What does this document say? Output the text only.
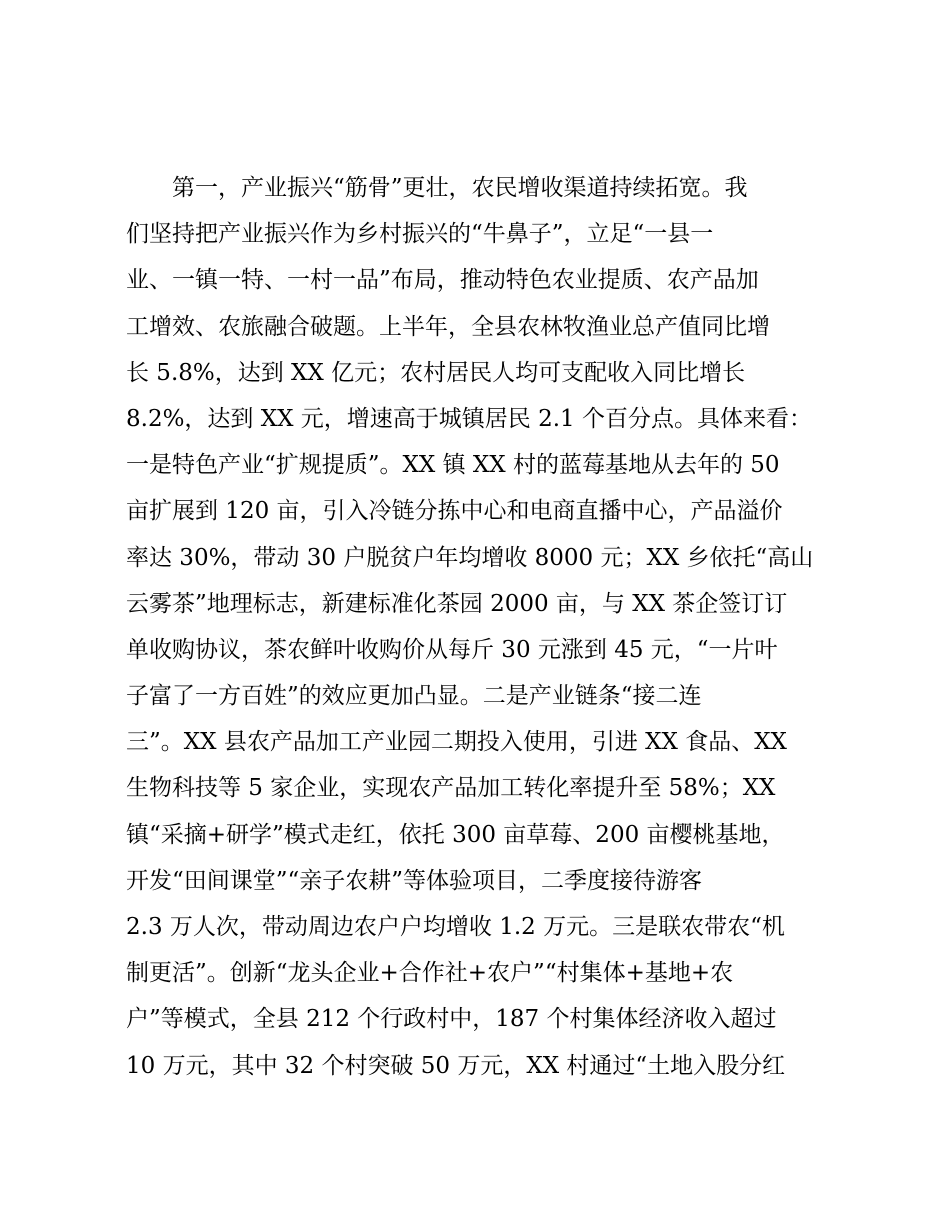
　　第一，产业振兴“筋骨”更壮，农民增收渠道持续拓宽。我
们坚持把产业振兴作为乡村振兴的“牛鼻子”，立足“一县一
业、一镇一特、一村一品”布局，推动特色农业提质、农产品加
工增效、农旅融合破题。上半年，全县农林牧渔业总产值同比增
长 5.8%，达到 XX 亿元；农村居民人均可支配收入同比增长
8.2%，达到 XX 元，增速高于城镇居民 2.1 个百分点。具体来看：
一是特色产业“扩规提质”。XX 镇 XX 村的蓝莓基地从去年的 50
亩扩展到 120 亩，引入冷链分拣中心和电商直播中心，产品溢价
率达 30%，带动 30 户脱贫户年均增收 8000 元；XX 乡依托“高山
云雾茶”地理标志，新建标准化茶园 2000 亩，与 XX 茶企签订订
单收购协议，茶农鲜叶收购价从每斤 30 元涨到 45 元，“一片叶
子富了一方百姓”的效应更加凸显。二是产业链条“接二连
三”。XX 县农产品加工产业园二期投入使用，引进 XX 食品、XX
生物科技等 5 家企业，实现农产品加工转化率提升至 58%；XX
镇“采摘+研学”模式走红，依托 300 亩草莓、200 亩樱桃基地，
开发“田间课堂”“亲子农耕”等体验项目，二季度接待游客
2.3 万人次，带动周边农户户均增收 1.2 万元。三是联农带农“机
制更活”。创新“龙头企业+合作社+农户”“村集体+基地+农
户”等模式，全县 212 个行政村中，187 个村集体经济收入超过
10 万元，其中 32 个村突破 50 万元，XX 村通过“土地入股分红
